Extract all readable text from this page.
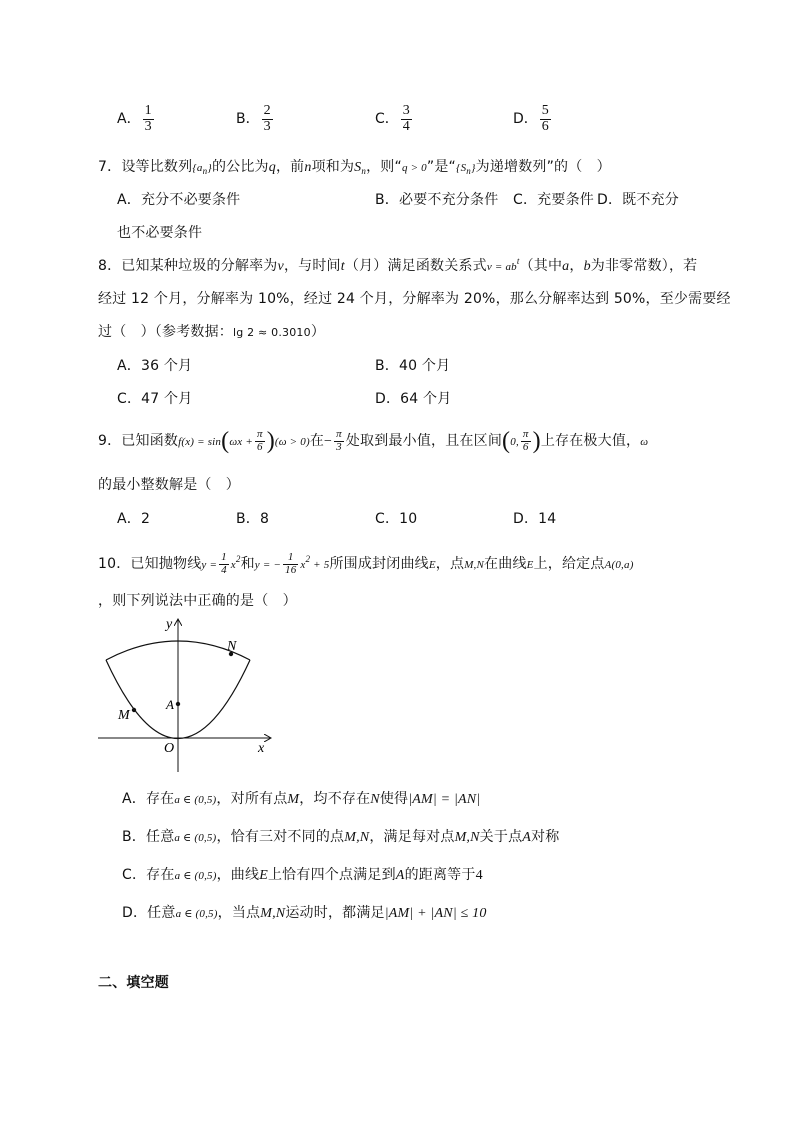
A． $\frac{1}{3}$	B． $\frac{2}{3}$	C． $\frac{3}{4}$	D． $\frac{5}{6}$
7．设等比数列$\{a_n\}$的公比为q，前n项和为$S_n$，则“q > 0”是“$\{S_n\}$为递增数列”的（　）
A．充分不必要条件	B．必要不充分条件 C．充要条件 D．既不充分
也不必要条件
8．已知某种垃圾的分解率为v，与时间t（月）满足函数关系式$v = ab^t$（其中a，b为非零常数），若
经过 12 个月，分解率为 10%，经过 24 个月，分解率为 20%，那么分解率达到 50%，至少需要经
过（　）（参考数据：lg 2 ≈ 0.3010）
A．36 个月	B．40 个月
C．47 个月	D．64 个月
9．已知函数$f(x) = \sin(\omega x + \frac{\pi}{6} )(\omega > 0)$在− $\frac{\pi}{3}$ 处取到最小值，且在区间(0, $\frac{\pi}{6}$ )上存在极大值，ω
的最小整数解是（　）
A．2	B．8	C．10	D．14
10．已知抛物线$y = \frac{1}{4} x^2$和y = − $\frac{1}{16} x^2 + 5$所围成封闭曲线E，点M,N在曲线E上，给定点A(0,a)
，则下列说法中正确的是（　）
y
x
O
A
M
N
A．存在a ∈ (0,5)，对所有点M，均不存在N使得|AM| = |AN|
B．任意a ∈ (0,5)，恰有三对不同的点M,N，满足每对点M,N关于点A对称
C．存在a ∈ (0,5)，曲线E上恰有四个点满足到A的距离等于4
D．任意a ∈ (0,5)，当点M,N运动时，都满足|AM| + |AN| ≤ 10
二、填空题
